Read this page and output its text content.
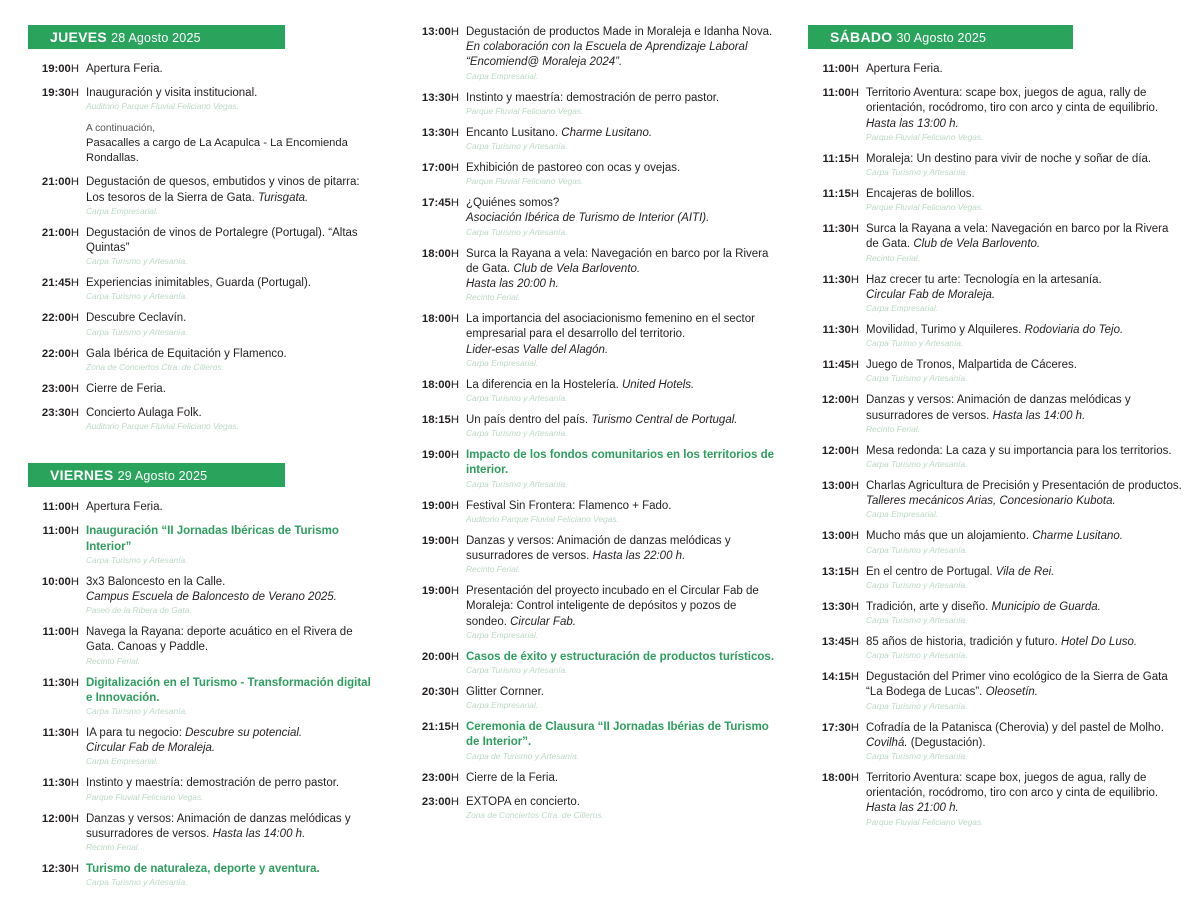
JUEVES 28 Agosto 2025
19:00H Apertura Feria.
19:30H Inauguración y visita institucional.
Auditorio Parque Fluvial Feliciano Vegas.
A continuación,
Pasacalles a cargo de La Acapulca - La Encomienda Rondallas.
21:00H Degustación de quesos, embutidos y vinos de pitarra: Los tesoros de la Sierra de Gata. Turisgata.
Carpa Empresarial.
21:00H Degustación de vinos de Portalegre (Portugal). “Altas Quintas”
Carpa Turismo y Artesanía.
21:45H Experiencias inimitables, Guarda (Portugal).
Carpa Turismo y Artesanía.
22:00H Descubre Ceclavín.
Carpa Turismo y Artesanía.
22:00H Gala Ibérica de Equitación y Flamenco.
Zona de Conciertos Ctra. de Cilleros.
23:00H Cierre de Feria.
23:30H Concierto Aulaga Folk.
Auditorio Parque Fluvial Feliciano Vegas.
VIERNES 29 Agosto 2025
11:00H Apertura Feria.
11:00H Inauguración “II Jornadas Ibéricas de Turismo Interior”
Carpa Turismo y Artesanía.
10:00H 3x3 Baloncesto en la Calle.
Campus Escuela de Baloncesto de Verano 2025.
Paseo de la Ribera de Gata.
11:00H Navega la Rayana: deporte acuático en el Rivera de Gata. Canoas y Paddle.
Recinto Ferial.
11:30H Digitalización en el Turismo - Transformación digital e Innovación.
Carpa Turismo y Artesanía.
11:30H IA para tu negocio: Descubre su potencial.
Circular Fab de Moraleja.
Carpa Empresarial.
11:30H Instinto y maestría: demostración de perro pastor.
Parque Fluvial Feliciano Vegas.
12:00H Danzas y versos: Animación de danzas melódicas y susurradores de versos. Hasta las 14:00 h.
Recinto Ferial.
12:30H Turismo de naturaleza, deporte y aventura.
Carpa Turismo y Artesanía.
13:00H Degustación de productos Made in Moraleja e Idanha Nova. En colaboración con la Escuela de Aprendizaje Laboral “Encomiend@ Moraleja 2024”.
Carpa Empresarial.
13:30H Instinto y maestría: demostración de perro pastor.
Parque Fluvial Feliciano Vegas.
13:30H Encanto Lusitano. Charme Lusitano.
Carpa Turismo y Artesanía.
17:00H Exhibición de pastoreo con ocas y ovejas.
Parque Fluvial Feliciano Vegas.
17:45H ¿Quiénes somos?
Asociación Ibérica de Turismo de Interior (AITI).
Carpa Turismo y Artesanía.
18:00H Surca la Rayana a vela: Navegación en barco por la Rivera de Gata. Club de Vela Barlovento.
Hasta las 20:00 h.
Recinto Ferial.
18:00H La importancia del asociacionismo femenino en el sector empresarial para el desarrollo del territorio.
Lider-esas Valle del Alagón.
Carpa Empresarial.
18:00H La diferencia en la Hostelería. United Hotels.
Carpa Turismo y Artesanía.
18:15H Un país dentro del país. Turismo Central de Portugal.
Carpa Turismo y Artesanía.
19:00H Impacto de los fondos comunitarios en los territorios de interior.
Carpa Turismo y Artesanía.
19:00H Festival Sin Frontera: Flamenco + Fado.
Auditorio Parque Fluvial Feliciano Vegas.
19:00H Danzas y versos: Animación de danzas melódicas y susurradores de versos. Hasta las 22:00 h.
Recinto Ferial.
19:00H Presentación del proyecto incubado en el Circular Fab de Moraleja: Control inteligente de depósitos y pozos de sondeo. Circular Fab.
Carpa Empresarial.
20:00H Casos de éxito y estructuración de productos turísticos.
Carpa Turismo y Artesanía.
20:30H Glitter Cornner.
Carpa Empresarial.
21:15H Ceremonia de Clausura “II Jornadas Ibérias de Turismo de Interior”.
Carpa de Turismo y Artesanía.
23:00H Cierre de la Feria.
23:00H EXTOPA en concierto.
Zona de Conciertos Ctra. de Cilleros.
SÁBADO 30 Agosto 2025
11:00H Apertura Feria.
11:00H Territorio Aventura: scape box, juegos de agua, rally de orientación, rocódromo, tiro con arco y cinta de equilibrio. Hasta las 13:00 h.
Parque Fluvial Feliciano Vegas.
11:15H Moraleja: Un destino para vivir de noche y soñar de día.
Carpa Turismo y Artesanía.
11:15H Encajeras de bolillos.
Parque Fluvial Feliciano Vegas.
11:30H Surca la Rayana a vela: Navegación en barco por la Rivera de Gata. Club de Vela Barlovento.
Recinto Ferial.
11:30H Haz crecer tu arte: Tecnología en la artesanía.
Circular Fab de Moraleja.
Carpa Empresarial.
11:30H Movilidad, Turimo y Alquileres. Rodoviaria do Tejo.
Carpa Turimo y Artesanía.
11:45H Juego de Tronos, Malpartida de Cáceres.
Carpa Turismo y Artesanía.
12:00H Danzas y versos: Animación de danzas melódicas y susurradores de versos. Hasta las 14:00 h.
Recinto Ferial.
12:00H Mesa redonda: La caza y su importancia para los territorios.
Carpa Turismo y Artesanía.
13:00H Charlas Agricultura de Precisión y Presentación de productos. Talleres mecánicos Arias, Concesionario Kubota.
Carpa Empresarial.
13:00H Mucho más que un alojamiento. Charme Lusitano.
Carpa Turismo y Artesanía.
13:15H En el centro de Portugal. Vila de Rei.
Carpa Turismo y Artesanía.
13:30H Tradición, arte y diseño. Municipio de Guarda.
Carpa Turismo y Artesanía.
13:45H 85 años de historia, tradición y futuro. Hotel Do Luso.
Carpa Turismo y Artesanía.
14:15H Degustación del Primer vino ecológico de la Sierra de Gata “La Bodega de Lucas”. Oleosetín.
Carpa Turismo y Artesanía.
17:30H Cofradía de la Patanisca (Cherovia) y del pastel de Molho. Covilhá. (Degustación).
Carpa Turismo y Artesanía.
18:00H Territorio Aventura: scape box, juegos de agua, rally de orientación, rocódromo, tiro con arco y cinta de equilibrio. Hasta las 21:00 h.
Parque Fluvial Feliciano Vegas.
